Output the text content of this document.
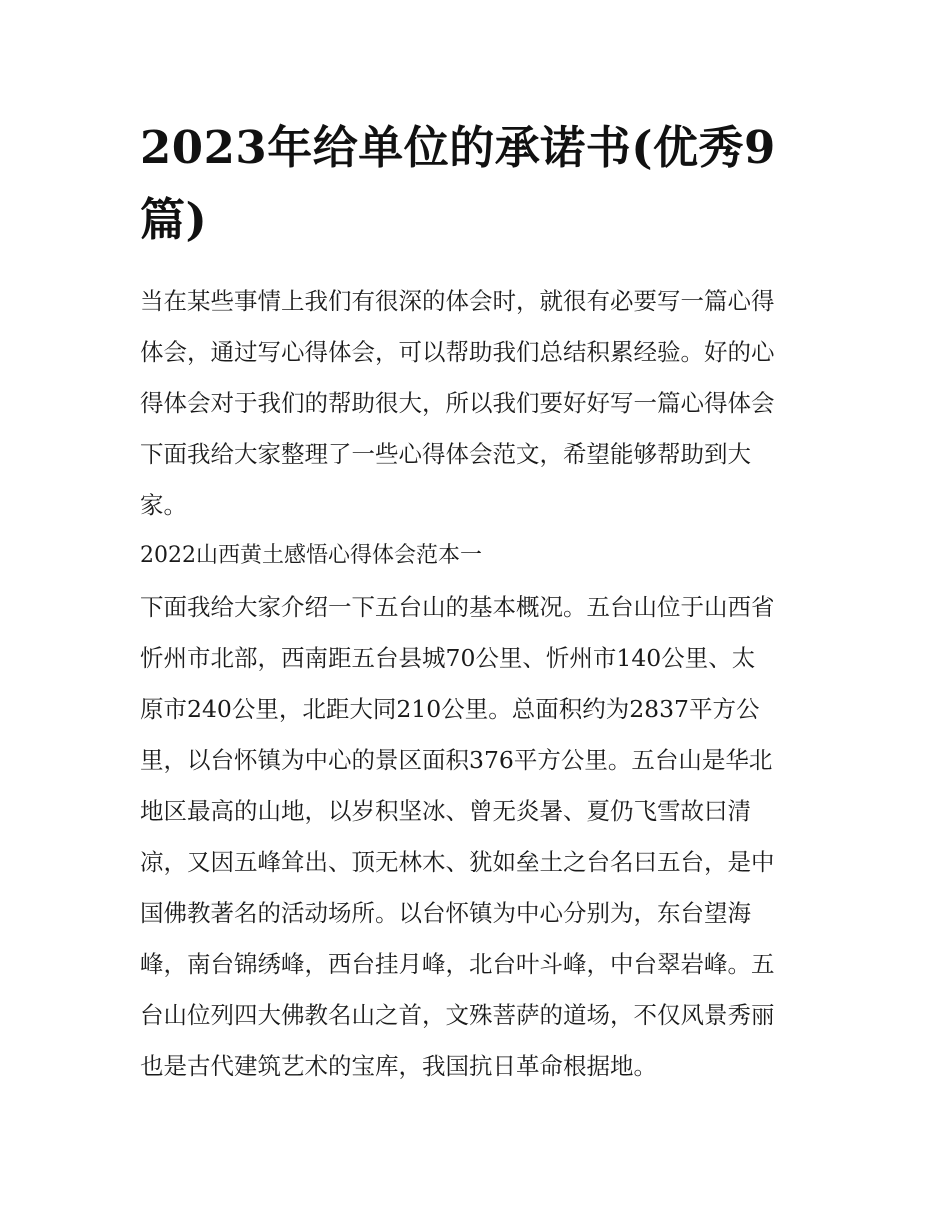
2023年给单位的承诺书(优秀9
篇)

当在某些事情上我们有很深的体会时，就很有必要写一篇心得
体会，通过写心得体会，可以帮助我们总结积累经验。好的心
得体会对于我们的帮助很大，所以我们要好好写一篇心得体会
下面我给大家整理了一些心得体会范文，希望能够帮助到大
家。

2022山西黄土感悟心得体会范本一

下面我给大家介绍一下五台山的基本概况。五台山位于山西省
忻州市北部，西南距五台县城70公里、忻州市140公里、太
原市240公里，北距大同210公里。总面积约为2837平方公
里，以台怀镇为中心的景区面积376平方公里。五台山是华北
地区最高的山地，以岁积坚冰、曾无炎暑、夏仍飞雪故曰清
凉，又因五峰耸出、顶无林木、犹如垒土之台名曰五台，是中
国佛教著名的活动场所。以台怀镇为中心分别为，东台望海
峰，南台锦绣峰，西台挂月峰，北台叶斗峰，中台翠岩峰。五
台山位列四大佛教名山之首，文殊菩萨的道场，不仅风景秀丽
也是古代建筑艺术的宝库，我国抗日革命根据地。
